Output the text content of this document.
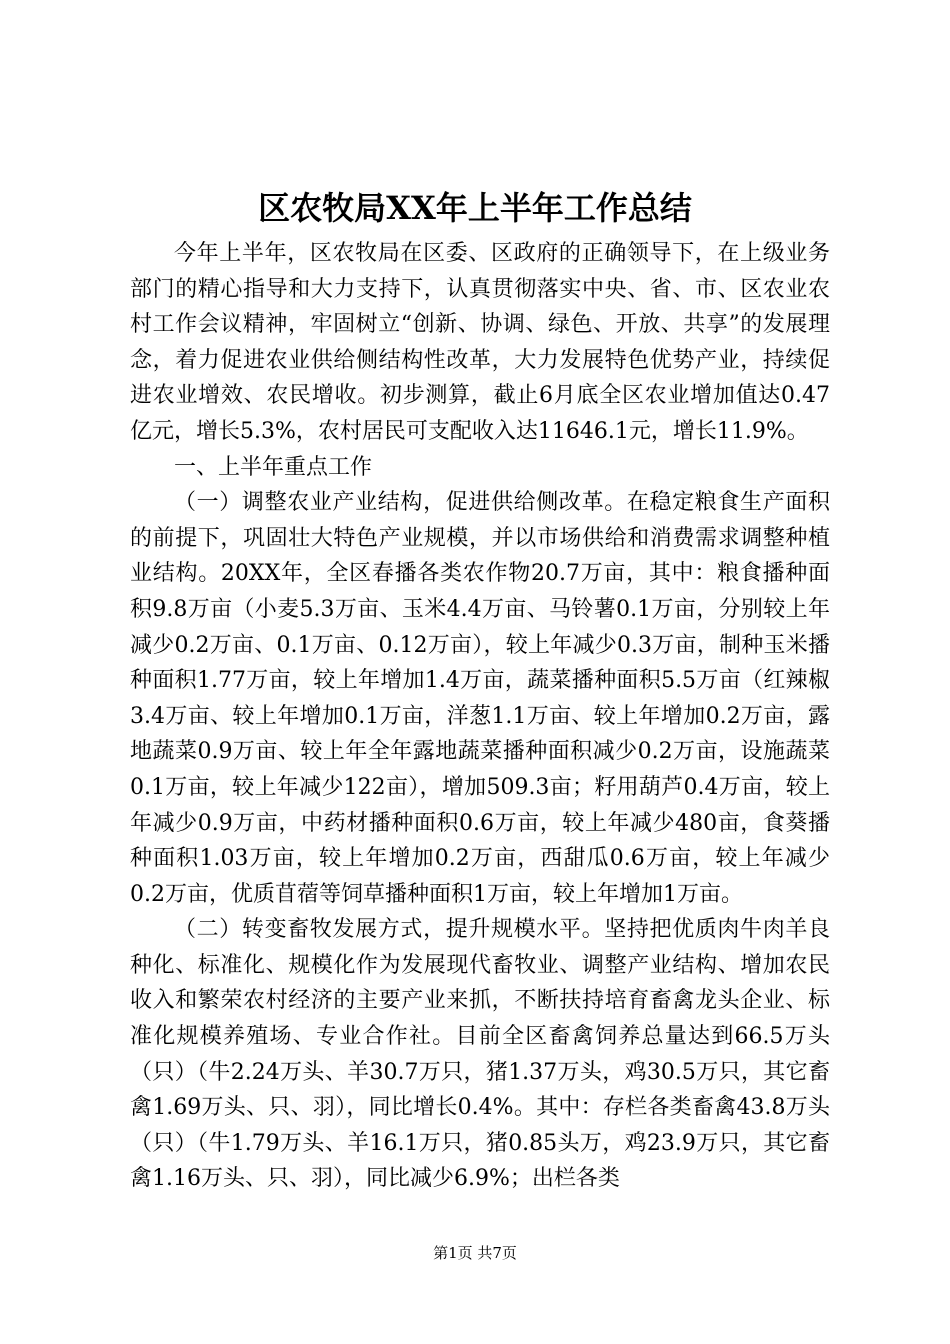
区农牧局XX年上半年工作总结

今年上半年，区农牧局在区委、区政府的正确领导下，在上级业务部门的精心指导和大力支持下，认真贯彻落实中央、省、市、区农业农村工作会议精神，牢固树立“创新、协调、绿色、开放、共享”的发展理念，着力促进农业供给侧结构性改革，大力发展特色优势产业，持续促进农业增效、农民增收。初步测算，截止6月底全区农业增加值达0.47亿元，增长5.3%，农村居民可支配收入达11646.1元，增长11.9%。

一、上半年重点工作

（一）调整农业产业结构，促进供给侧改革。在稳定粮食生产面积的前提下，巩固壮大特色产业规模，并以市场供给和消费需求调整种植业结构。20XX年，全区春播各类农作物20.7万亩，其中：粮食播种面积9.8万亩（小麦5.3万亩、玉米4.4万亩、马铃薯0.1万亩，分别较上年减少0.2万亩、0.1万亩、0.12万亩），较上年减少0.3万亩，制种玉米播种面积1.77万亩，较上年增加1.4万亩，蔬菜播种面积5.5万亩（红辣椒3.4万亩、较上年增加0.1万亩，洋葱1.1万亩、较上年增加0.2万亩，露地蔬菜0.9万亩、较上年全年露地蔬菜播种面积减少0.2万亩，设施蔬菜0.1万亩，较上年减少122亩），增加509.3亩；籽用葫芦0.4万亩，较上年减少0.9万亩，中药材播种面积0.6万亩，较上年减少480亩，食葵播种面积1.03万亩，较上年增加0.2万亩，西甜瓜0.6万亩，较上年减少0.2万亩，优质苜蓿等饲草播种面积1万亩，较上年增加1万亩。

（二）转变畜牧发展方式，提升规模水平。坚持把优质肉牛肉羊良种化、标准化、规模化作为发展现代畜牧业、调整产业结构、增加农民收入和繁荣农村经济的主要产业来抓，不断扶持培育畜禽龙头企业、标准化规模养殖场、专业合作社。目前全区畜禽饲养总量达到66.5万头（只）（牛2.24万头、羊30.7万只，猪1.37万头，鸡30.5万只，其它畜禽1.69万头、只、羽），同比增长0.4%。其中：存栏各类畜禽43.8万头（只）（牛1.79万头、羊16.1万只，猪0.85头万，鸡23.9万只，其它畜禽1.16万头、只、羽），同比减少6.9%；出栏各类

第1页 共7页
